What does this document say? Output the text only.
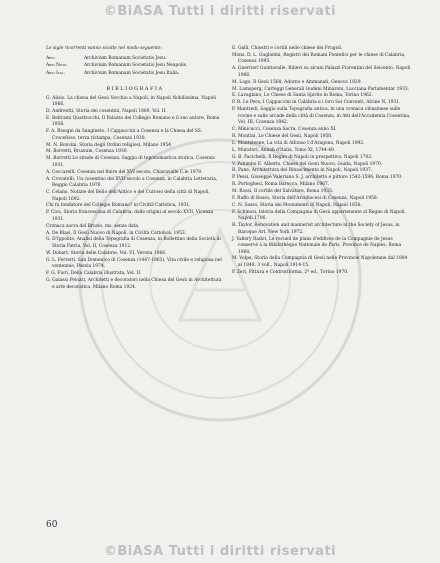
©BiASA Tutti i diritti riservati
Le sigle ricorrenti vanno sciolte nel modo seguente:
Arsi	Archivium Romanum Societatis Jesu.
Arsi Neap.	Archivium Romanum Societatis Jesu Neapolis.
Arsi Ital.	Archivium Romanum Societatis Jesu Italia.
BIBLIOGRAFIA
G. Alisio, La chiesa del Gesù Vecchio a Napoli, in Napoli Nobilissima, Napoli 1966.
D. Andreotti, Storia dei cosentini, Napoli 1869, Vol. II.
E. Beltrami Quattrocchi, Il Palazzo del Collegio Romano e il suo autore, Roma 1956.
F. A. Bisogni da Sangineto, I Cappuccini a Cosenza e la Chiesa del SS. Crocefisso, terza ristampa, Cosenza 1930.
M. N. Bonvini, Storia degli Ordini religiosi, Milano 1954.
M. Borretti, Bruzium, Cosenza 1930.
M. Borretti Le strade di Cosenza. Saggio di toponomastica storica, Cosenza 1931.
A. Ceccarelli, Cosenza nel finire del XVI secolo, Chiaravalle C.le 1978.
A. Crovatelli, Un cosentino del XVII secolo a Cosenza, in Calabria Letteraria, Reggio Calabria 1976.
C. Celano, Notizie del Bello dell'Antico e del Curioso della città di Napoli, Napoli 1692.
Chi fu fondatore del Collegio Romano? in Civiltà Cattolica, 1931.
P. Civa, Storia francescana di Calabria, dalle origini al secolo XVII, Vicenza 1931.
Cronaca sacra del Bruzio, ms. senza data.
A. De Blasi, Il Gesù Nuovo di Napoli, in Civiltà Cattolica, 1953.
G. D'Ippolito, Analisi della Topografia di Cosenza, in Bollettino della Società di Storia Patria, Vol. II, Cosenza 1912.
W. Dobart, Storia delle Calabrie, Vol. VI, Verona 1966.
G. L. Ferretti, San Domenico di Cosenza (1447-1863). Vita civile e religiosa nel ventennio, Poezia 1974.
F. G. Fiori, Della Calabria illustrata, Vol. II.
G. Galassi Pelozzi, Architetti e decoratori nella Chiesa del Gesù in Architettura e arte decorativa, Milano Roma 1924.
E. Galli, Chiostri e cortili nelle chiese dei Frugoli.
Mons. D. L. Guglielmi, Registri dei Romani Pontefici per le chiese di Calabria, Cosenza 1995.
A. Guerrieri Guintavalle, Rilievi su alcuni Palazzi Fiorentini del Seicento, Napoli 1966.
M. Lago, Il Gesù 1568, Adorno e Ammanati, Genova 1929.
M. Lamsperg, Carteggi Generali Gudeni Minaroni, Lucciana Parlamentar 1933.
E. Lavagnino, Le Chiese di Santa Spirito in Roma, Torino 1962.
P. R. Le Pera, I Cappuccini in Calabria e i loro Sei Conventi, Alcine N. 1931.
P. Mantredi, Saggio sulla Topografia antica, in una cronaca chiusinese sulle rovine e sulle arcade della città di Cosenza, in Atti dell'Accademia Cosentina, Vol. III, Cosenza 1842.
C. Minicucci, Cosenza Sacra, Cosenza anno XI.
R. Montini, Le Chiese del Gesù, Napoli 1958.
L. Monteleone, La vita di Alfonso I d'Aragona, Napoli 1992.
L. Muratori, Annali d'Italia, Tomo XI, 1744-49.
G. B. Pacichelli, Il Regno di Napoli in prospettiva, Napoli 1703.
V. Palumbo E. Alberto, Chiese del Gesù Nuovo, Guida, Napoli 1970.
R. Pane, Architettura del Rinascimento in Napoli, Napoli 1937.
P. Pessi, Giuseppe Valeriano S. J. architetto e pittore 1542-1596, Roma 1970.
R. Portoghesi, Roma Barocca, Milano 1967.
M. Rossi, Il cortile del Salvatore, Roma 1933.
F. Ruffo di Rosso, Storia dell'Arcidiocesi di Cosenza, Napoli 1958.
C. N. Sasso, Storia dei Monumenti di Napoli, Napoli 1856.
F. Schinosi, Istoria della Compagnia di Gesù appartenente al Regno di Napoli, Napoli 1706.
R. Taylor, Renovation and mannerist architecture in the Society of Jesus, in Baroque Art, New York 1972.
J. Vallery Radot, Le recueil de plans d'edifices de la Compagnie de Jesus conservé à la Bibliothèque Nationale de Paris, Province de Naples, Roma 1960.
M. Volpe, Storia della Compagnia di Gesù nelle Provincie Napoletane dal 1804 al 1848, 3 voll., Napoli 1914-15.
P. Zeri, Pittura e Controriforma, 2ª ed., Torino 1970.
60
©BiASA Tutti i diritti riservati
